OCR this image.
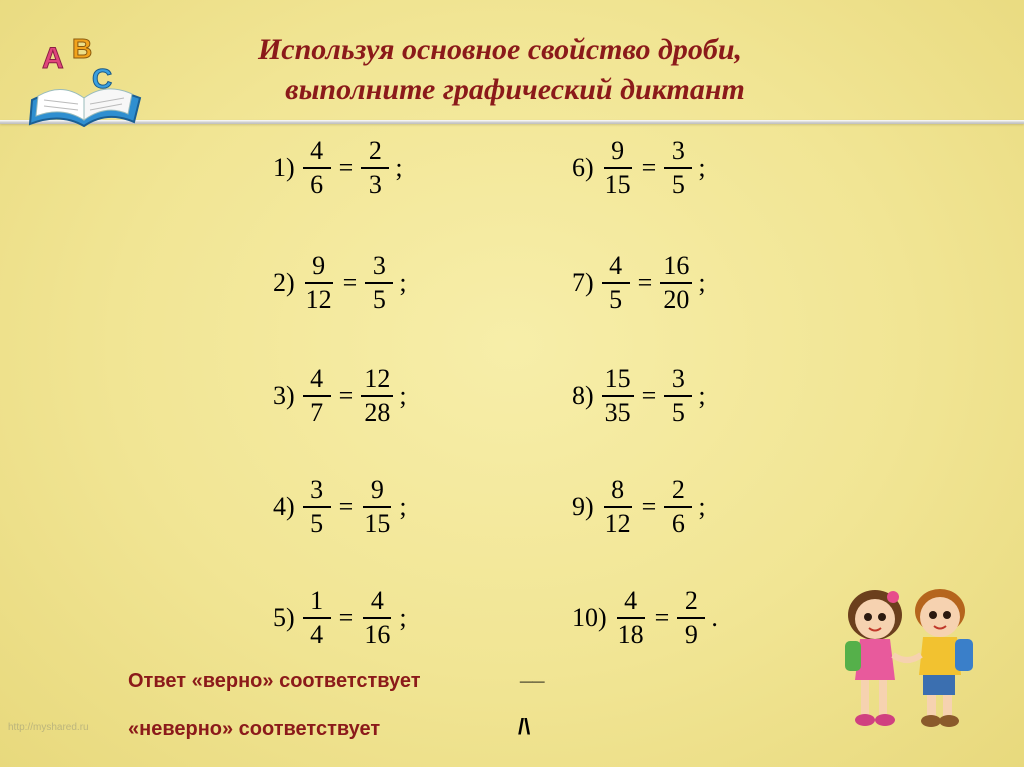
A B
C
Используя основное свойство дроби,

выполните графический диктант
$1) \frac{4}{6} = \frac{2}{3}$ ;
$2) \frac{9}{12} = \frac{3}{5}$ ;
$3) \frac{4}{7} = \frac{12}{28}$ ;
$4) \frac{3}{5} = \frac{9}{15}$ ;
$5) \frac{1}{4} = \frac{4}{16}$ ;
$6) \frac{9}{15} = \frac{3}{5}$ ;
$7) \frac{4}{5} = \frac{16}{20}$ ;
$8) \frac{15}{35} = \frac{3}{5}$ ;
$9) \frac{8}{12} = \frac{2}{6}$ ;
$10) \frac{4}{18} = \frac{2}{9}$ .
Ответ «верно» соответствует	__
«неверно» соответствует	/\
http://myshared.ru
